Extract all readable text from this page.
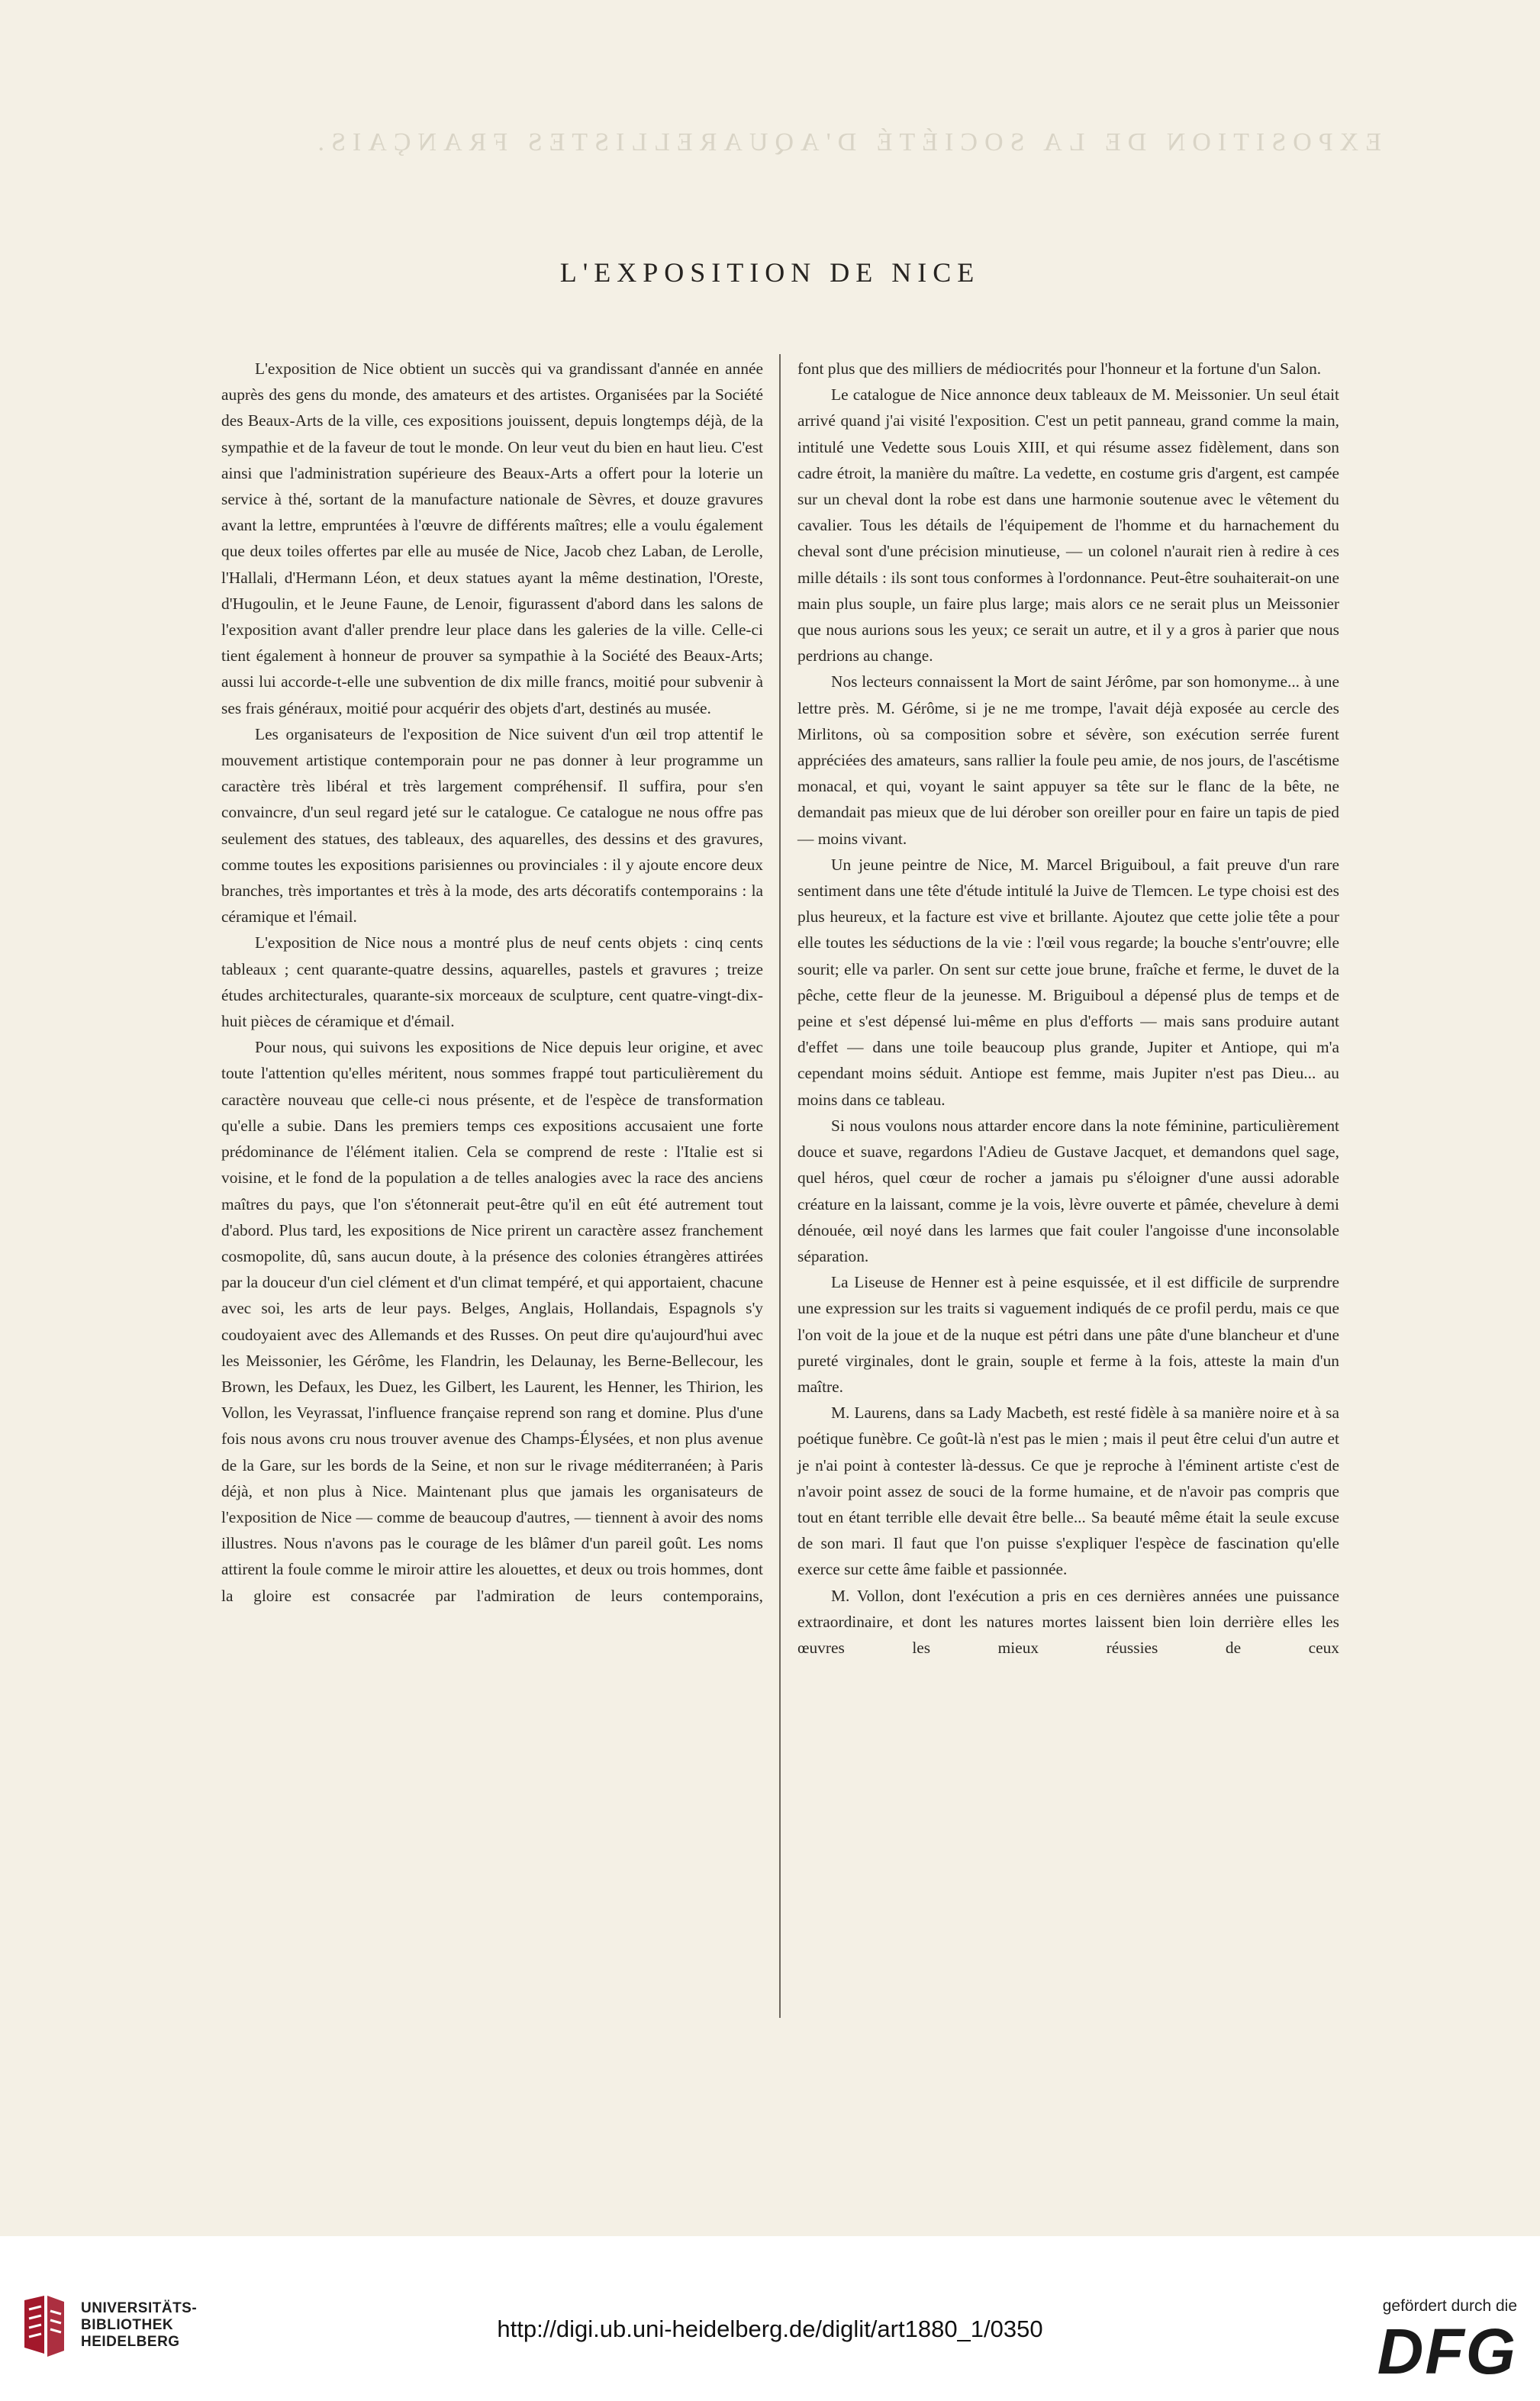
EXPOSITION DE LA SOCIÉTÉ D'AQUARELLISTES FRANÇAIS.
L'EXPOSITION DE NICE

L'exposition de Nice obtient un succès qui va grandissant d'année en année auprès des gens du monde, des amateurs et des artistes. Organisées par la Société des Beaux-Arts de la ville, ces expositions jouissent, depuis longtemps déjà, de la sympathie et de la faveur de tout le monde. On leur veut du bien en haut lieu. C'est ainsi que l'administration supérieure des Beaux-Arts a offert pour la loterie un service à thé, sortant de la manufacture nationale de Sèvres, et douze gravures avant la lettre, empruntées à l'œuvre de différents maîtres; elle a voulu également que deux toiles offertes par elle au musée de Nice, Jacob chez Laban, de Lerolle, l'Hallali, d'Hermann Léon, et deux statues ayant la même destination, l'Oreste, d'Hugoulin, et le Jeune Faune, de Lenoir, figurassent d'abord dans les salons de l'exposition avant d'aller prendre leur place dans les galeries de la ville. Celle-ci tient également à honneur de prouver sa sympathie à la Société des Beaux-Arts; aussi lui accorde-t-elle une subvention de dix mille francs, moitié pour subvenir à ses frais généraux, moitié pour acquérir des objets d'art, destinés au musée.

Les organisateurs de l'exposition de Nice suivent d'un œil trop attentif le mouvement artistique contemporain pour ne pas donner à leur programme un caractère très libéral et très largement compréhensif. Il suffira, pour s'en convaincre, d'un seul regard jeté sur le catalogue. Ce catalogue ne nous offre pas seulement des statues, des tableaux, des aquarelles, des dessins et des gravures, comme toutes les expositions parisiennes ou provinciales : il y ajoute encore deux branches, très importantes et très à la mode, des arts décoratifs contemporains : la céramique et l'émail.

L'exposition de Nice nous a montré plus de neuf cents objets : cinq cents tableaux ; cent quarante-quatre dessins, aquarelles, pastels et gravures ; treize études architecturales, quarante-six morceaux de sculpture, cent quatre-vingt-dix-huit pièces de céramique et d'émail.

Pour nous, qui suivons les expositions de Nice depuis leur origine, et avec toute l'attention qu'elles méritent, nous sommes frappé tout particulièrement du caractère nouveau que celle-ci nous présente, et de l'espèce de transformation qu'elle a subie. Dans les premiers temps ces expositions accusaient une forte prédominance de l'élément italien. Cela se comprend de reste : l'Italie est si voisine, et le fond de la population a de telles analogies avec la race des anciens maîtres du pays, que l'on s'étonnerait peut-être qu'il en eût été autrement tout d'abord. Plus tard, les expositions de Nice prirent un caractère assez franchement cosmopolite, dû, sans aucun doute, à la présence des colonies étrangères attirées par la douceur d'un ciel clément et d'un climat tempéré, et qui apportaient, chacune avec soi, les arts de leur pays. Belges, Anglais, Hollandais, Espagnols s'y coudoyaient avec des Allemands et des Russes. On peut dire qu'aujourd'hui avec les Meissonier, les Gérôme, les Flandrin, les Delaunay, les Berne-Bellecour, les Brown, les Defaux, les Duez, les Gilbert, les Laurent, les Henner, les Thirion, les Vollon, les Veyrassat, l'influence française reprend son rang et domine. Plus d'une fois nous avons cru nous trouver avenue des Champs-Élysées, et non plus avenue de la Gare, sur les bords de la Seine, et non sur le rivage méditerranéen; à Paris déjà, et non plus à Nice. Maintenant plus que jamais les organisateurs de l'exposition de Nice — comme de beaucoup d'autres, — tiennent à avoir des noms illustres. Nous n'avons pas le courage de les blâmer d'un pareil goût. Les noms attirent la foule comme le miroir attire les alouettes, et deux ou trois hommes, dont la gloire est consacrée par l'admiration de leurs contemporains,

font plus que des milliers de médiocrités pour l'honneur et la fortune d'un Salon.

Le catalogue de Nice annonce deux tableaux de M. Meissonier. Un seul était arrivé quand j'ai visité l'exposition. C'est un petit panneau, grand comme la main, intitulé une Vedette sous Louis XIII, et qui résume assez fidèlement, dans son cadre étroit, la manière du maître. La vedette, en costume gris d'argent, est campée sur un cheval dont la robe est dans une harmonie soutenue avec le vêtement du cavalier. Tous les détails de l'équipement de l'homme et du harnachement du cheval sont d'une précision minutieuse, — un colonel n'aurait rien à redire à ces mille détails : ils sont tous conformes à l'ordonnance. Peut-être souhaiterait-on une main plus souple, un faire plus large; mais alors ce ne serait plus un Meissonier que nous aurions sous les yeux; ce serait un autre, et il y a gros à parier que nous perdrions au change.

Nos lecteurs connaissent la Mort de saint Jérôme, par son homonyme... à une lettre près. M. Gérôme, si je ne me trompe, l'avait déjà exposée au cercle des Mirlitons, où sa composition sobre et sévère, son exécution serrée furent appréciées des amateurs, sans rallier la foule peu amie, de nos jours, de l'ascétisme monacal, et qui, voyant le saint appuyer sa tête sur le flanc de la bête, ne demandait pas mieux que de lui dérober son oreiller pour en faire un tapis de pied — moins vivant.

Un jeune peintre de Nice, M. Marcel Briguiboul, a fait preuve d'un rare sentiment dans une tête d'étude intitulé la Juive de Tlemcen. Le type choisi est des plus heureux, et la facture est vive et brillante. Ajoutez que cette jolie tête a pour elle toutes les séductions de la vie : l'œil vous regarde; la bouche s'entr'ouvre; elle sourit; elle va parler. On sent sur cette joue brune, fraîche et ferme, le duvet de la pêche, cette fleur de la jeunesse. M. Briguiboul a dépensé plus de temps et de peine et s'est dépensé lui-même en plus d'efforts — mais sans produire autant d'effet — dans une toile beaucoup plus grande, Jupiter et Antiope, qui m'a cependant moins séduit. Antiope est femme, mais Jupiter n'est pas Dieu... au moins dans ce tableau.

Si nous voulons nous attarder encore dans la note féminine, particulièrement douce et suave, regardons l'Adieu de Gustave Jacquet, et demandons quel sage, quel héros, quel cœur de rocher a jamais pu s'éloigner d'une aussi adorable créature en la laissant, comme je la vois, lèvre ouverte et pâmée, chevelure à demi dénouée, œil noyé dans les larmes que fait couler l'angoisse d'une inconsolable séparation.

La Liseuse de Henner est à peine esquissée, et il est difficile de surprendre une expression sur les traits si vaguement indiqués de ce profil perdu, mais ce que l'on voit de la joue et de la nuque est pétri dans une pâte d'une blancheur et d'une pureté virginales, dont le grain, souple et ferme à la fois, atteste la main d'un maître.

M. Laurens, dans sa Lady Macbeth, est resté fidèle à sa manière noire et à sa poétique funèbre. Ce goût-là n'est pas le mien ; mais il peut être celui d'un autre et je n'ai point à contester là-dessus. Ce que je reproche à l'éminent artiste c'est de n'avoir point assez de souci de la forme humaine, et de n'avoir pas compris que tout en étant terrible elle devait être belle... Sa beauté même était la seule excuse de son mari. Il faut que l'on puisse s'expliquer l'espèce de fascination qu'elle exerce sur cette âme faible et passionnée.

M. Vollon, dont l'exécution a pris en ces dernières années une puissance extraordinaire, et dont les natures mortes laissent bien loin derrière elles les œuvres les mieux réussies de ceux

UNIVERSITÄTS-
BIBLIOTHEK
HEIDELBERG	http://digi.ub.uni-heidelberg.de/diglit/art1880_1/0350
gefördert durch die
DFG
